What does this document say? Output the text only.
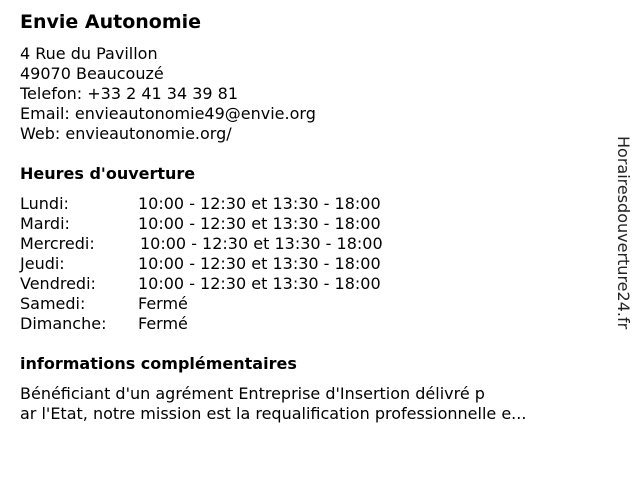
Envie Autonomie
4 Rue du Pavillon
49070 Beaucouzé
Telefon: +33 2 41 34 39 81
Email: envieautonomie49@envie.org
Web: envieautonomie.org/
Heures d'ouverture
Lundi:	10:00 - 12:30 et 13:30 - 18:00
Mardi:	10:00 - 12:30 et 13:30 - 18:00
Mercredi:	10:00 - 12:30 et 13:30 - 18:00
Jeudi:	10:00 - 12:30 et 13:30 - 18:00
Vendredi:	10:00 - 12:30 et 13:30 - 18:00
Samedi:	Fermé
Dimanche: Fermé
informations complémentaires
Bénéficiant d'un agrément Entreprise d'Insertion délivré p
ar l'Etat, notre mission est la requalification professionnelle e...
Horairesdouverture24.fr
